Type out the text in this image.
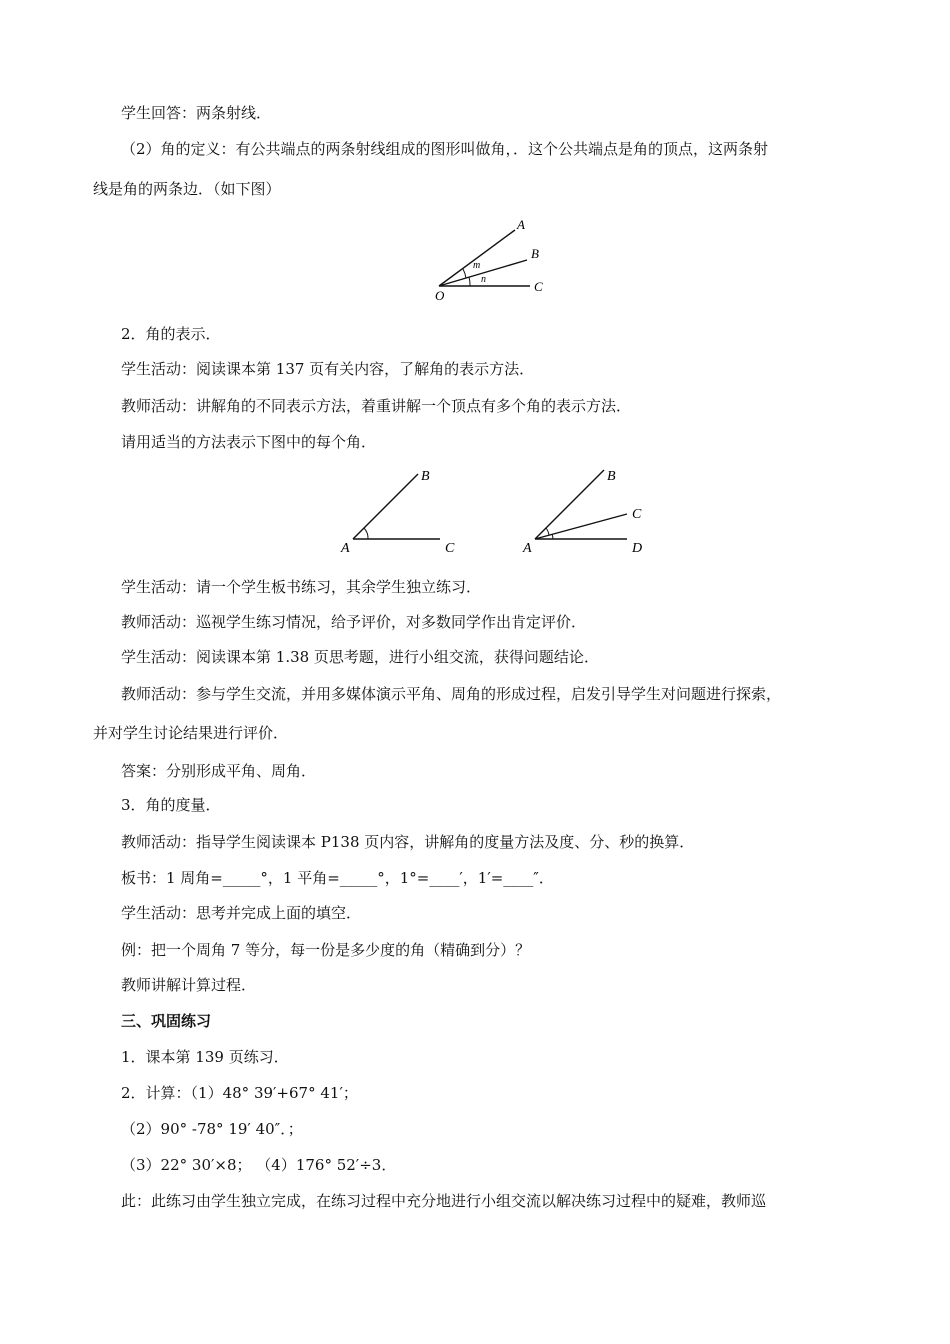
学生回答：两条射线．
（2）角的定义：有公共端点的两条射线组成的图形叫做角，．这个公共端点是角的顶点，这两条射
线是角的两条边．（如下图）
O
A
B
C
m
n
2．角的表示．
学生活动：阅读课本第 137 页有关内容，了解角的表示方法．
教师活动：讲解角的不同表示方法，着重讲解一个顶点有多个角的表示方法．
请用适当的方法表示下图中的每个角．
A
B
C	A
B
C
D
学生活动：请一个学生板书练习，其余学生独立练习．
教师活动：巡视学生练习情况，给予评价，对多数同学作出肯定评价．
学生活动：阅读课本第 1.38 页思考题，进行小组交流，获得问题结论．
教师活动：参与学生交流，并用多媒体演示平角、周角的形成过程，启发引导学生对问题进行探索，
并对学生讨论结果进行评价．
答案：分别形成平角、周角．
3．角的度量．
教师活动：指导学生阅读课本 P138 页内容，讲解角的度量方法及度、分、秒的换算．
板书：1 周角=_____°，1 平角=_____°，1°=____′，1′=____″．
学生活动：思考并完成上面的填空．
例：把一个周角 7 等分，每一份是多少度的角（精确到分）？
教师讲解计算过程．
三、巩固练习
1．课本第 139 页练习．
2．计算：（1）48° 39′+67° 41′；
（2）90° -78° 19′ 40″．；
（3）22° 30′×8； （4）176° 52′÷3．
此：此练习由学生独立完成，在练习过程中充分地进行小组交流以解决练习过程中的疑难，教师巡
